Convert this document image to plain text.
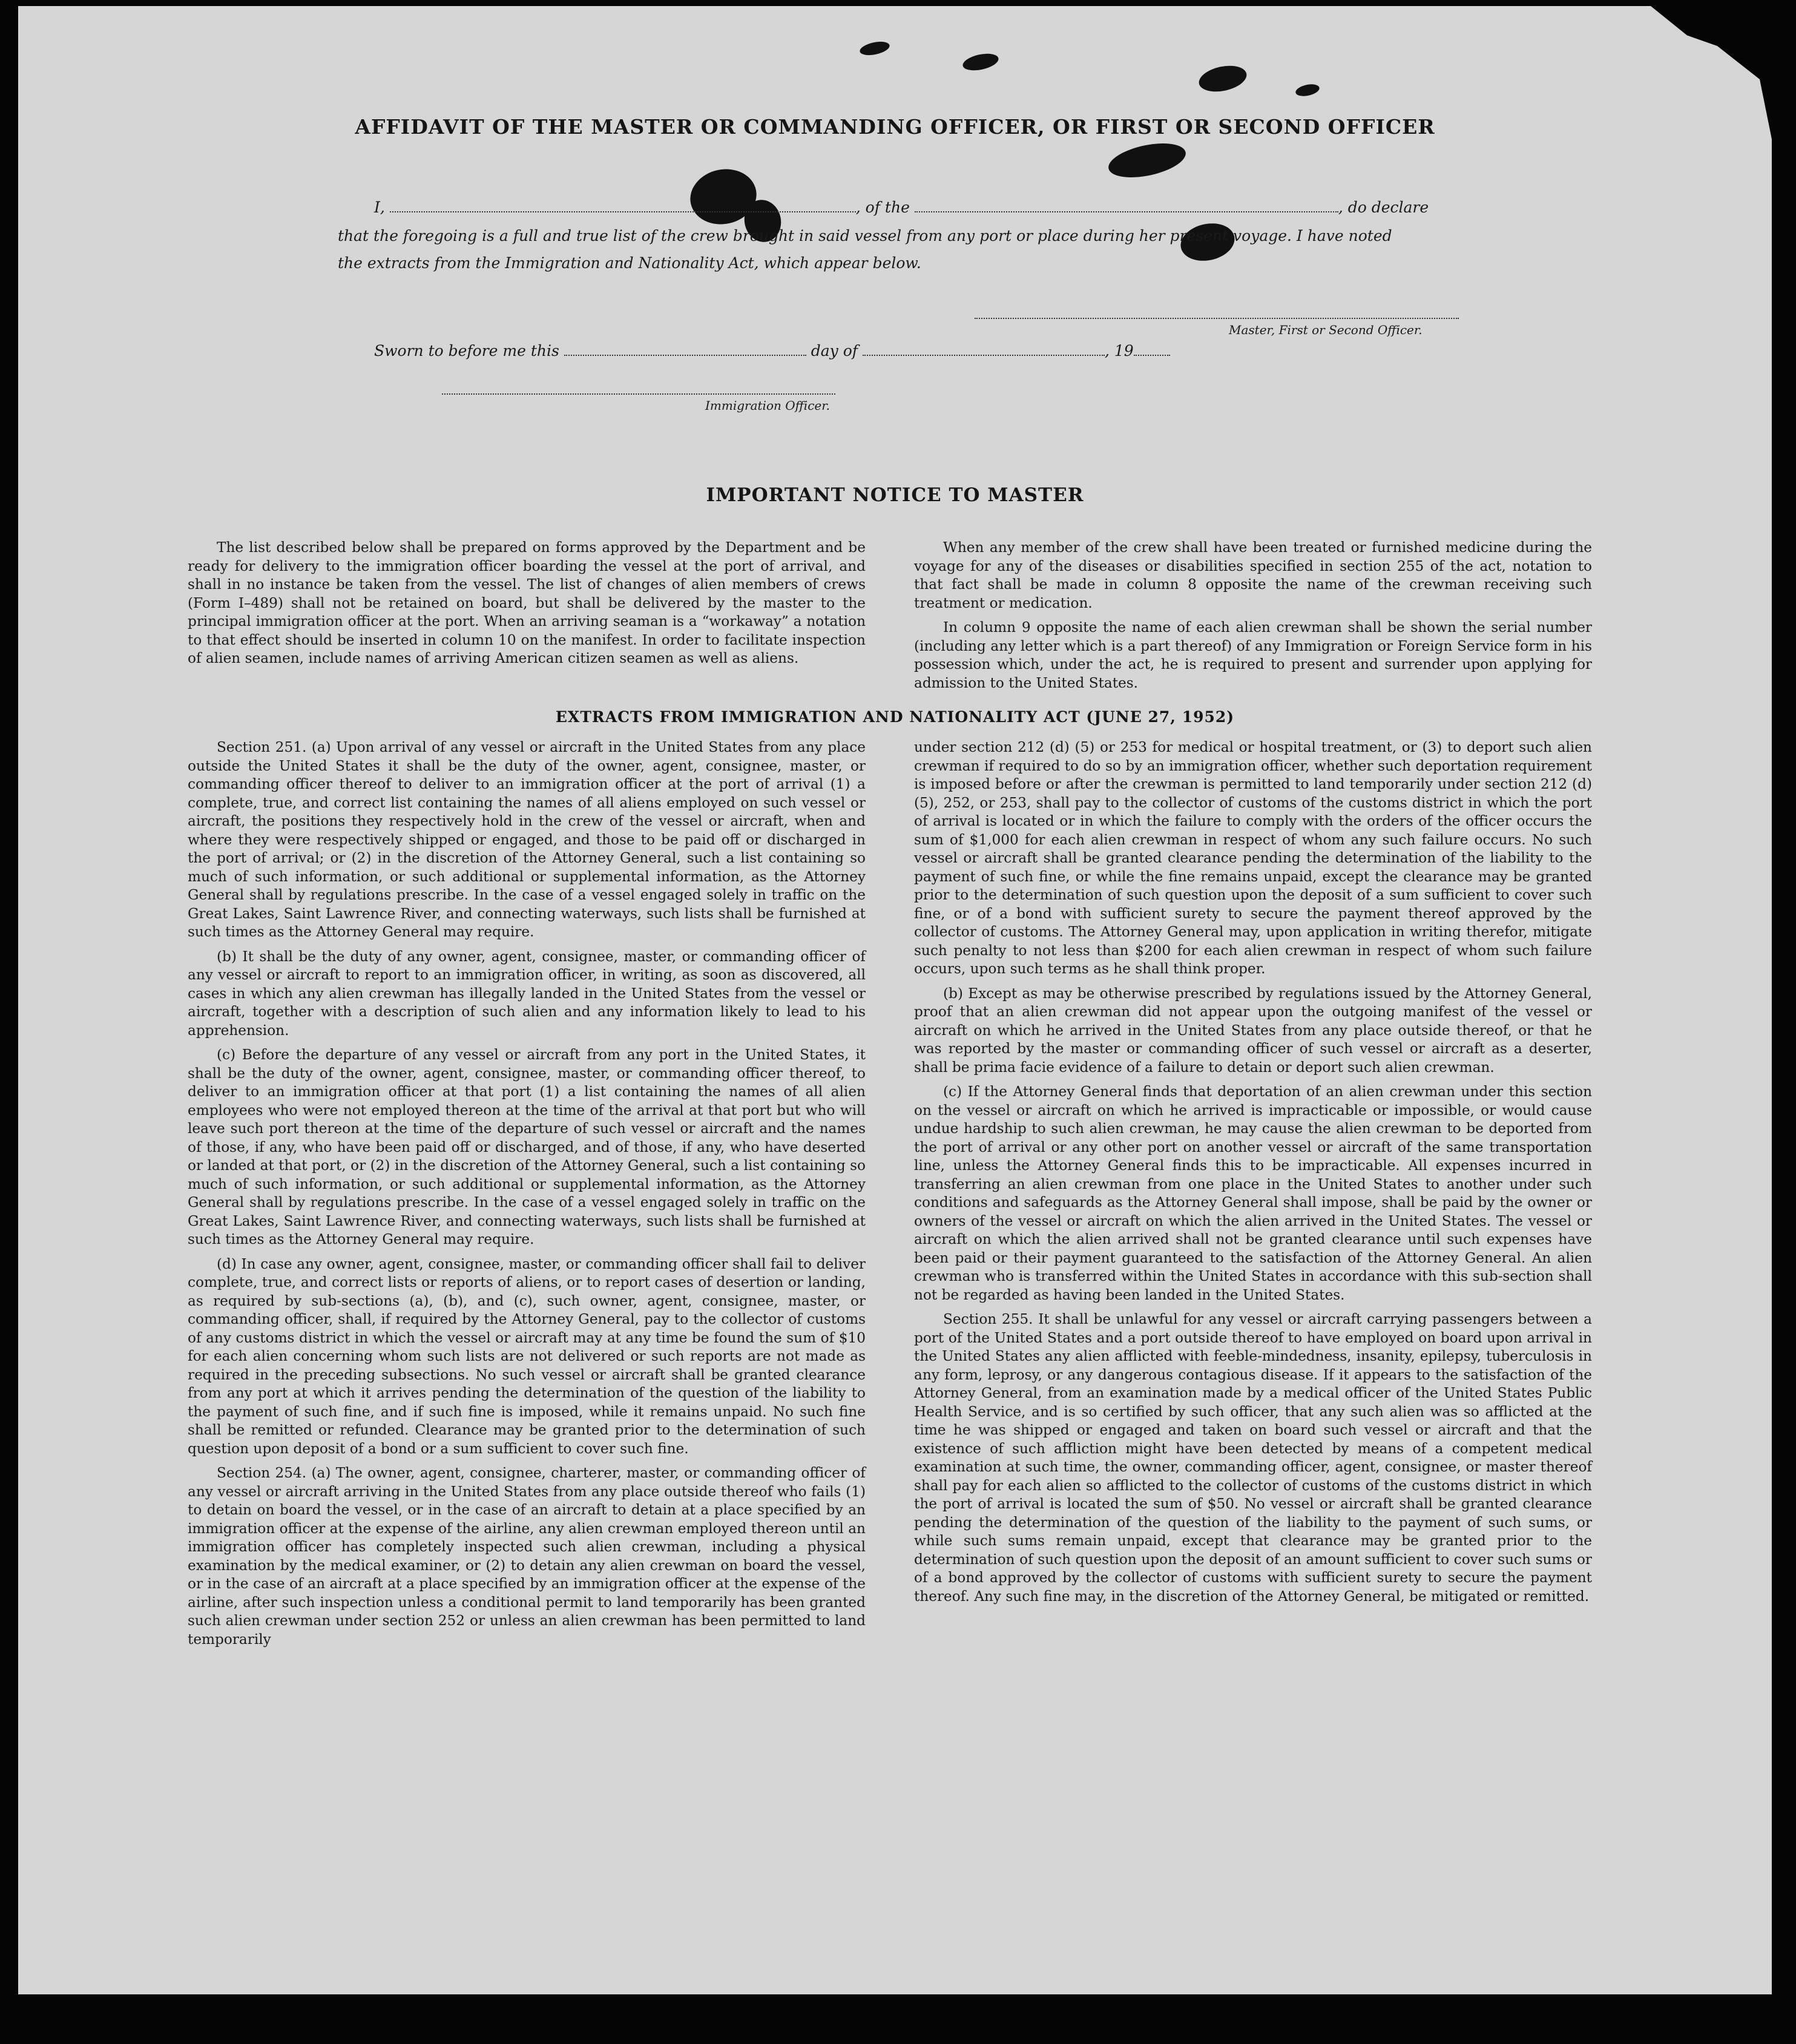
AFFIDAVIT OF THE MASTER OR COMMANDING OFFICER, OR FIRST OR SECOND OFFICER
I,	, of the	, do declare
that the foregoing is a full and true list of the crew brought in said vessel from any port or place during her present voyage. I have noted
the extracts from the Immigration and Nationality Act, which appear below.
Master, First or Second Officer.
Sworn to before me this	day of	, 19
Immigration Officer.
IMPORTANT NOTICE TO MASTER

The list described below shall be prepared on forms approved by the Department and be ready for delivery to the immigration officer boarding the vessel at the port of arrival, and shall in no instance be taken from the vessel. The list of changes of alien members of crews (Form I–489) shall not be retained on board, but shall be delivered by the master to the principal immigration officer at the port. When an arriving seaman is a “workaway” a notation to that effect should be inserted in column 10 on the manifest. In order to facilitate inspection of alien seamen, include names of arriving American citizen seamen as well as aliens.

When any member of the crew shall have been treated or furnished medicine during the voyage for any of the diseases or disabilities specified in section 255 of the act, notation to that fact shall be made in column 8 opposite the name of the crewman receiving such treatment or medication.

In column 9 opposite the name of each alien crewman shall be shown the serial number (including any letter which is a part thereof) of any Immigration or Foreign Service form in his possession which, under the act, he is required to present and surrender upon applying for admission to the United States.

EXTRACTS FROM IMMIGRATION AND NATIONALITY ACT (JUNE 27, 1952)

Section 251. (a) Upon arrival of any vessel or aircraft in the United States from any place outside the United States it shall be the duty of the owner, agent, consignee, master, or commanding officer thereof to deliver to an immigration officer at the port of arrival (1) a complete, true, and correct list containing the names of all aliens employed on such vessel or aircraft, the positions they respectively hold in the crew of the vessel or aircraft, when and where they were respectively shipped or engaged, and those to be paid off or discharged in the port of arrival; or (2) in the discretion of the Attorney General, such a list containing so much of such information, or such additional or supplemental information, as the Attorney General shall by regulations prescribe. In the case of a vessel engaged solely in traffic on the Great Lakes, Saint Lawrence River, and connecting waterways, such lists shall be furnished at such times as the Attorney General may require.

(b) It shall be the duty of any owner, agent, consignee, master, or commanding officer of any vessel or aircraft to report to an immigration officer, in writing, as soon as discovered, all cases in which any alien crewman has illegally landed in the United States from the vessel or aircraft, together with a description of such alien and any information likely to lead to his apprehension.

(c) Before the departure of any vessel or aircraft from any port in the United States, it shall be the duty of the owner, agent, consignee, master, or commanding officer thereof, to deliver to an immigration officer at that port (1) a list containing the names of all alien employees who were not employed thereon at the time of the arrival at that port but who will leave such port thereon at the time of the departure of such vessel or aircraft and the names of those, if any, who have been paid off or discharged, and of those, if any, who have deserted or landed at that port, or (2) in the discretion of the Attorney General, such a list containing so much of such information, or such additional or supplemental information, as the Attorney General shall by regulations prescribe. In the case of a vessel engaged solely in traffic on the Great Lakes, Saint Lawrence River, and connecting waterways, such lists shall be furnished at such times as the Attorney General may require.

(d) In case any owner, agent, consignee, master, or commanding officer shall fail to deliver complete, true, and correct lists or reports of aliens, or to report cases of desertion or landing, as required by sub-sections (a), (b), and (c), such owner, agent, consignee, master, or commanding officer, shall, if required by the Attorney General, pay to the collector of customs of any customs district in which the vessel or aircraft may at any time be found the sum of $10 for each alien concerning whom such lists are not delivered or such reports are not made as required in the preceding subsections. No such vessel or aircraft shall be granted clearance from any port at which it arrives pending the determination of the question of the liability to the payment of such fine, and if such fine is imposed, while it remains unpaid. No such fine shall be remitted or refunded. Clearance may be granted prior to the determination of such question upon deposit of a bond or a sum sufficient to cover such fine.

Section 254. (a) The owner, agent, consignee, charterer, master, or commanding officer of any vessel or aircraft arriving in the United States from any place outside thereof who fails (1) to detain on board the vessel, or in the case of an aircraft to detain at a place specified by an immigration officer at the expense of the airline, any alien crewman employed thereon until an immigration officer has completely inspected such alien crewman, including a physical examination by the medical examiner, or (2) to detain any alien crewman on board the vessel, or in the case of an aircraft at a place specified by an immigration officer at the expense of the airline, after such inspection unless a conditional permit to land temporarily has been granted such alien crewman under section 252 or unless an alien crewman has been permitted to land temporarily

under section 212 (d) (5) or 253 for medical or hospital treatment, or (3) to deport such alien crewman if required to do so by an immigration officer, whether such deportation requirement is imposed before or after the crewman is permitted to land temporarily under section 212 (d) (5), 252, or 253, shall pay to the collector of customs of the customs district in which the port of arrival is located or in which the failure to comply with the orders of the officer occurs the sum of $1,000 for each alien crewman in respect of whom any such failure occurs. No such vessel or aircraft shall be granted clearance pending the determination of the liability to the payment of such fine, or while the fine remains unpaid, except the clearance may be granted prior to the determination of such question upon the deposit of a sum sufficient to cover such fine, or of a bond with sufficient surety to secure the payment thereof approved by the collector of customs. The Attorney General may, upon application in writing therefor, mitigate such penalty to not less than $200 for each alien crewman in respect of whom such failure occurs, upon such terms as he shall think proper.

(b) Except as may be otherwise prescribed by regulations issued by the Attorney General, proof that an alien crewman did not appear upon the outgoing manifest of the vessel or aircraft on which he arrived in the United States from any place outside thereof, or that he was reported by the master or commanding officer of such vessel or aircraft as a deserter, shall be prima facie evidence of a failure to detain or deport such alien crewman.

(c) If the Attorney General finds that deportation of an alien crewman under this section on the vessel or aircraft on which he arrived is impracticable or impossible, or would cause undue hardship to such alien crewman, he may cause the alien crewman to be deported from the port of arrival or any other port on another vessel or aircraft of the same transportation line, unless the Attorney General finds this to be impracticable. All expenses incurred in transferring an alien crewman from one place in the United States to another under such conditions and safeguards as the Attorney General shall impose, shall be paid by the owner or owners of the vessel or aircraft on which the alien arrived in the United States. The vessel or aircraft on which the alien arrived shall not be granted clearance until such expenses have been paid or their payment guaranteed to the satisfaction of the Attorney General. An alien crewman who is transferred within the United States in accordance with this sub-section shall not be regarded as having been landed in the United States.

Section 255. It shall be unlawful for any vessel or aircraft carrying passengers between a port of the United States and a port outside thereof to have employed on board upon arrival in the United States any alien afflicted with feeble-mindedness, insanity, epilepsy, tuberculosis in any form, leprosy, or any dangerous contagious disease. If it appears to the satisfaction of the Attorney General, from an examination made by a medical officer of the United States Public Health Service, and is so certified by such officer, that any such alien was so afflicted at the time he was shipped or engaged and taken on board such vessel or aircraft and that the existence of such affliction might have been detected by means of a competent medical examination at such time, the owner, commanding officer, agent, consignee, or master thereof shall pay for each alien so afflicted to the collector of customs of the customs district in which the port of arrival is located the sum of $50. No vessel or aircraft shall be granted clearance pending the determination of the question of the liability to the payment of such sums, or while such sums remain unpaid, except that clearance may be granted prior to the determination of such question upon the deposit of an amount sufficient to cover such sums or of a bond approved by the collector of customs with sufficient surety to secure the payment thereof. Any such fine may, in the discretion of the Attorney General, be mitigated or remitted.
